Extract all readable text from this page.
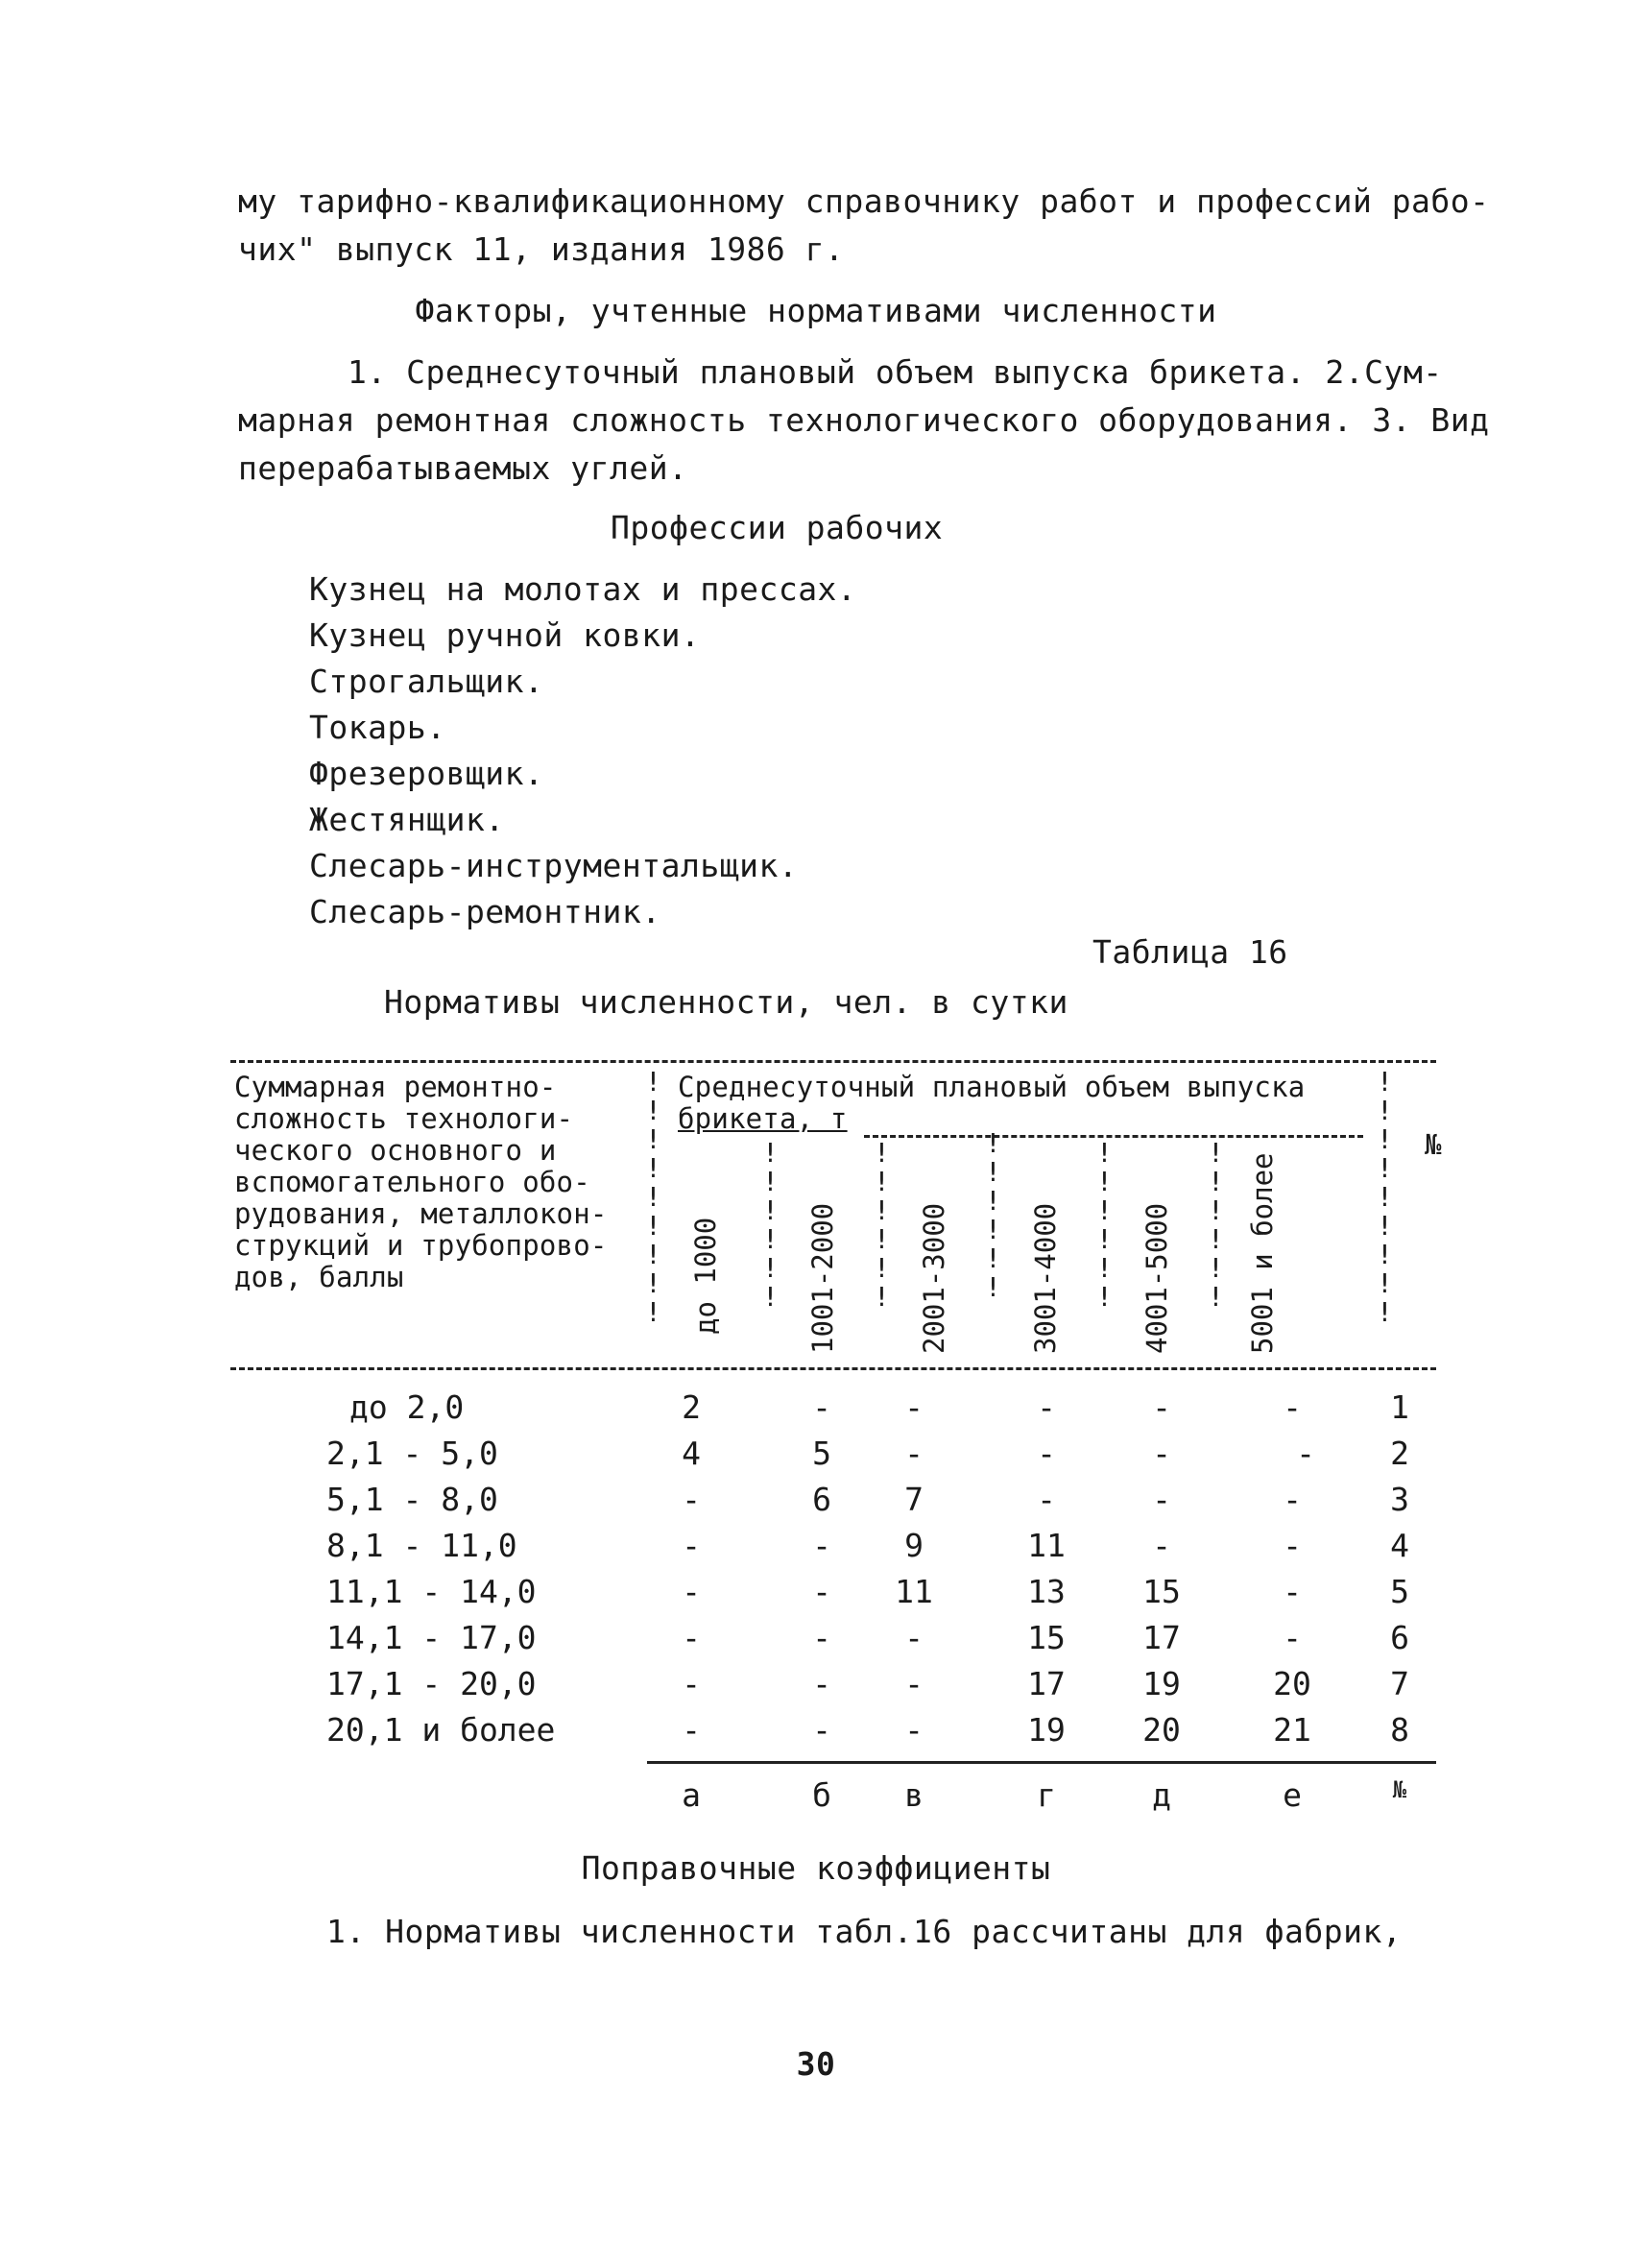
му тарифно-квалификационному справочнику работ и профессий рабо-
чих" выпуск 11, издания 1986 г.
Факторы, учтенные нормативами численности
1. Среднесуточный плановый объем выпуска брикета. 2.Сум-
марная ремонтная сложность технологического оборудования. 3. Вид
перерабатываемых углей.
Профессии рабочих
Кузнец на молотах и прессах.
Кузнец ручной ковки.
Строгальщик.
Токарь.
Фрезеровщик.
Жестянщик.
Слесарь-инструментальщик.
Слесарь-ремонтник.
Таблица 16
Нормативы численности, чел. в сутки
Суммарная ремонтно-
сложность технологи-
ческого основного и
вспомогательного обо-
рудования, металлокон-
струкций и трубопрово-
дов, баллы
Среднесуточный плановый объем выпуска
брикета, т
№
!
!
!
!
!
!
!
!
!
!
!
!
!
!
!
!
!
!
!
!
!
!
!
!
!
!
!
!
!
!
!
!
!
!
!
!
!
!
!
!
!
!
!
!
!
!
!
!
до 1000	1001-2000	2001-3000	3001-4000	4001-5000	5001 и более
до 2,0	2	-	-	-	-	-	1
2,1 - 5,0	4	5	-	-	-	-	2
5,1 - 8,0	-	6	7	-	-	-	3
8,1 - 11,0	-	-	9	11	-	-	4
11,1 - 14,0	-	-	11	13	15	-	5
14,1 - 17,0	-	-	-	15	17	-	6
17,1 - 20,0	-	-	-	17	19	20	7
20,1 и более	-	-	-	19	20	21	8
а	б	в	г	д	е	№
Поправочные коэффициенты
1. Нормативы численности табл.16 рассчитаны для фабрик,
30
